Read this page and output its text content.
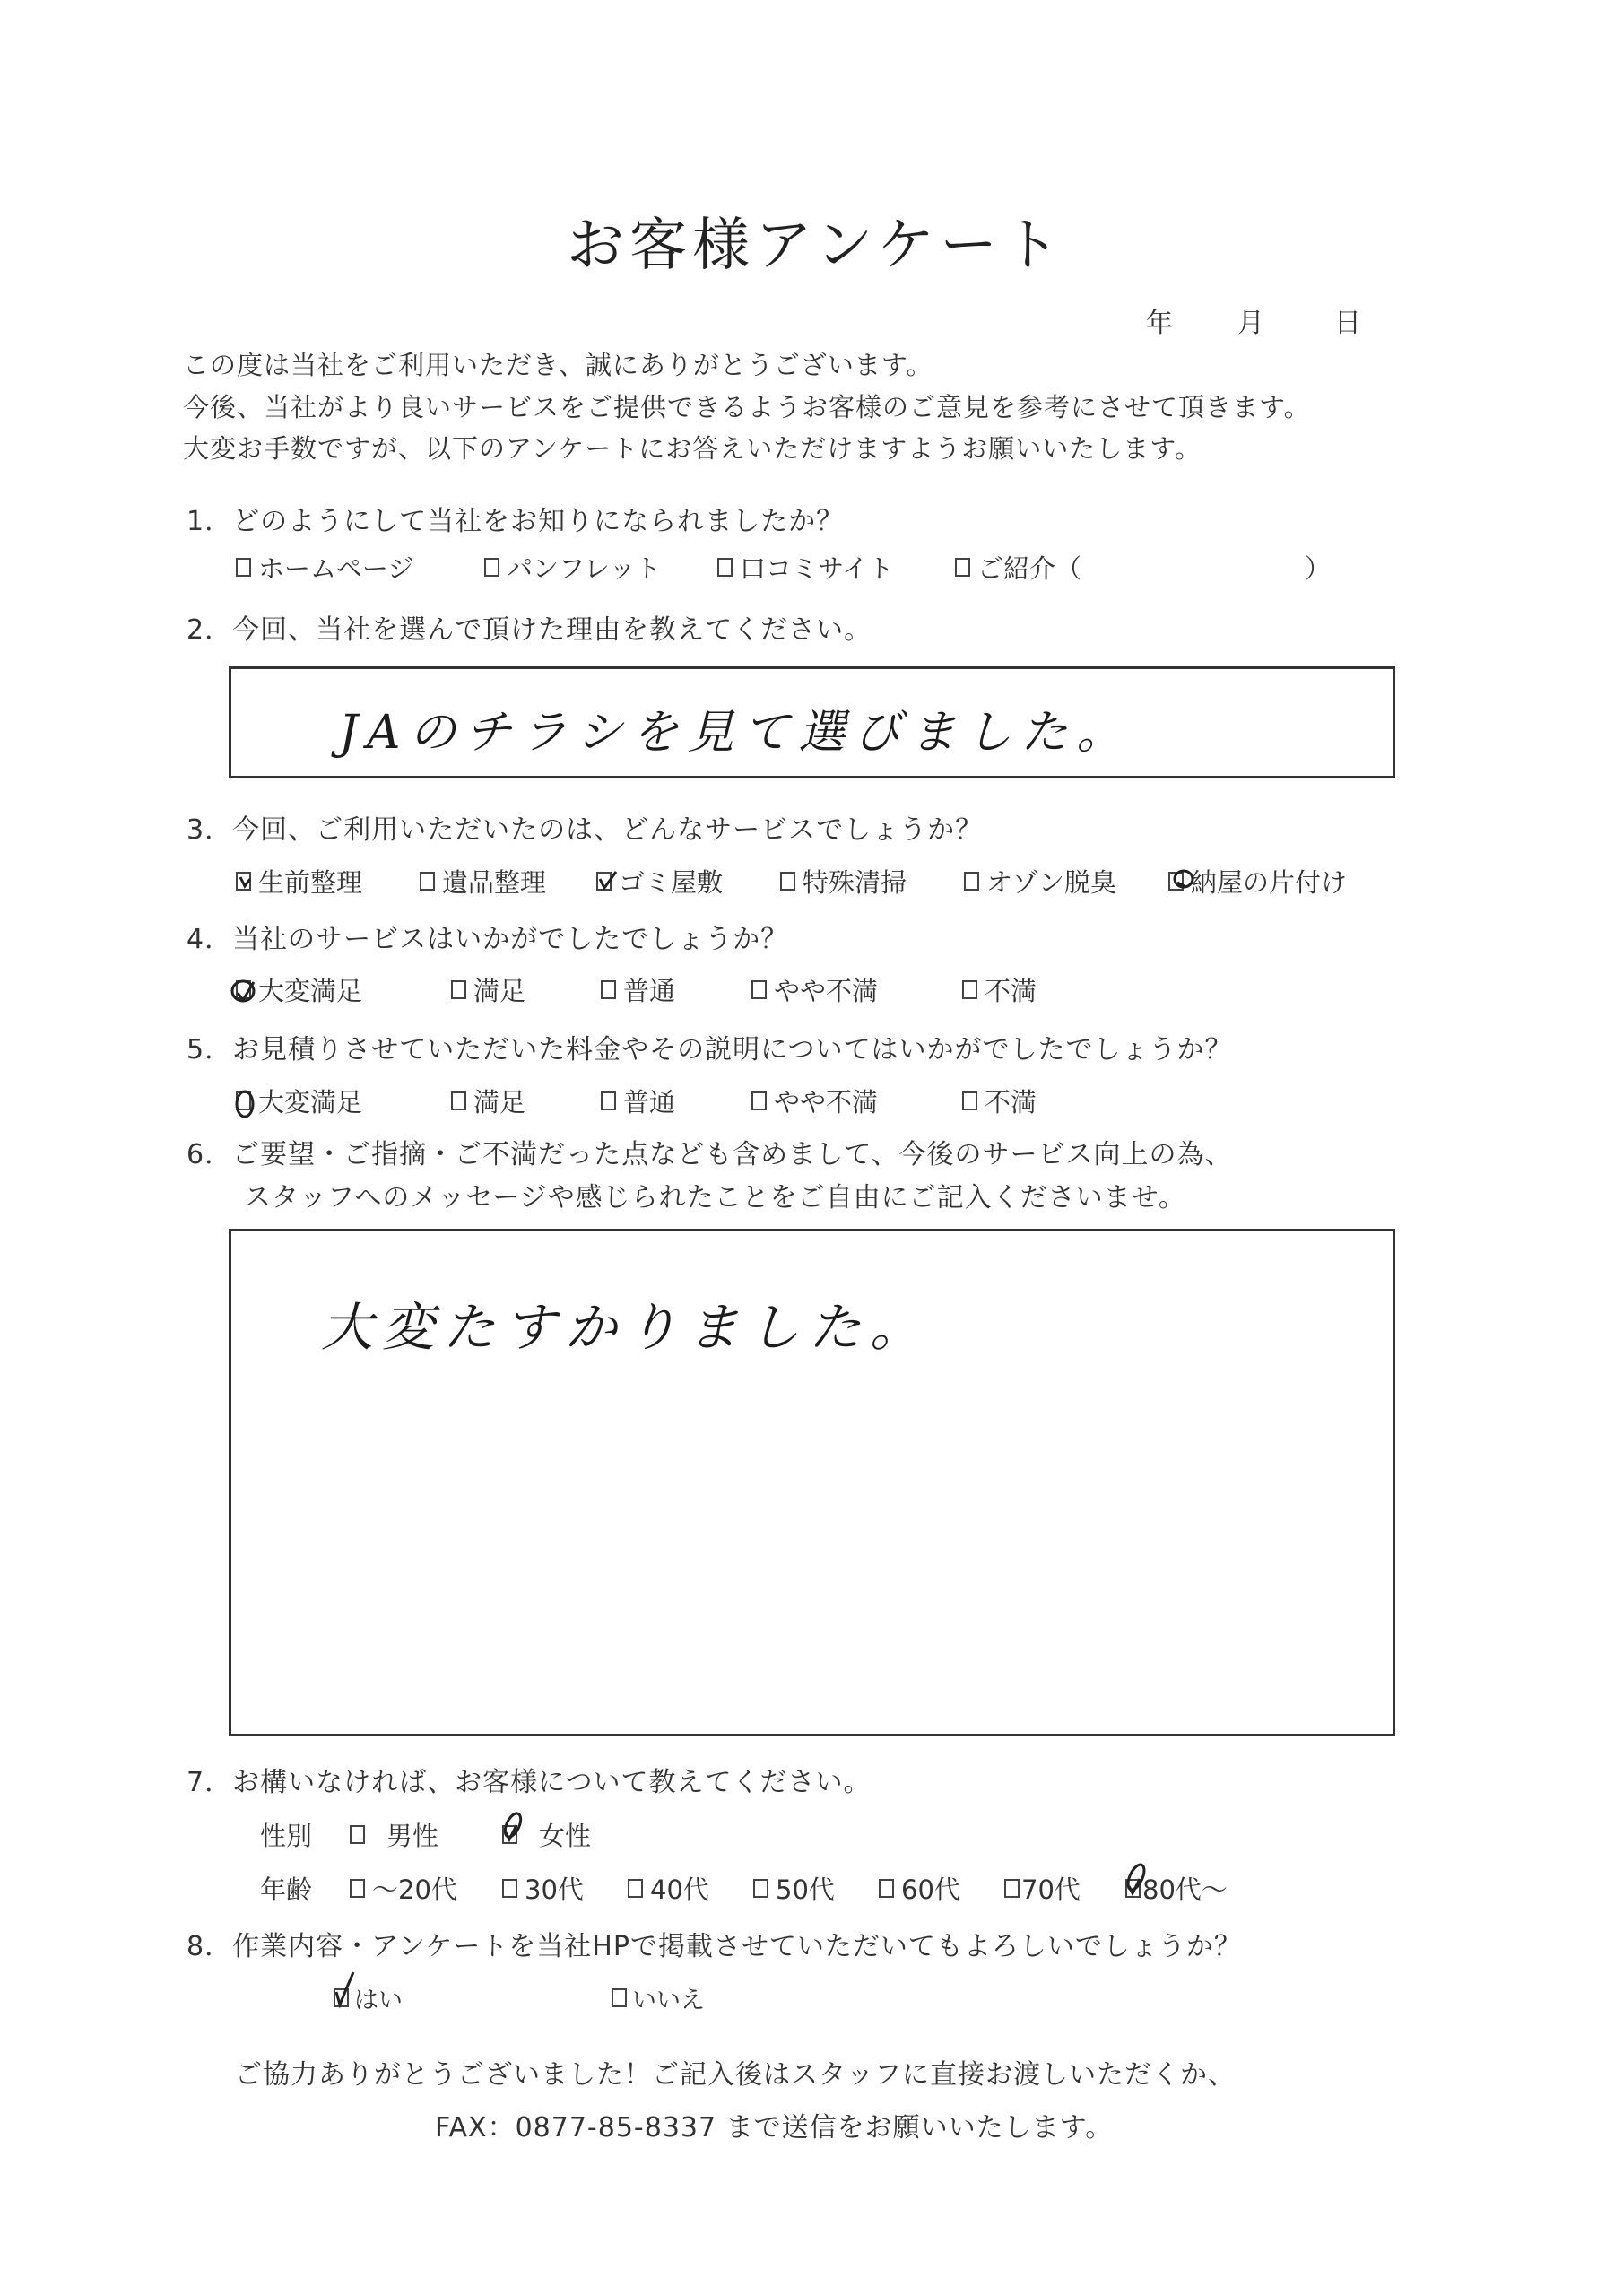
お客様アンケート
年 月	日
この度は当社をご利用いただき、誠にありがとうございます。
今後、当社がより良いサービスをご提供できるようお客様のご意見を参考にさせて頂きます。
大変お手数ですが、以下のアンケートにお答えいただけますようお願いいたします。
1．どのようにして当社をお知りになられましたか？
ホームページ	パンフレット	口コミサイト	ご紹介（	）
2．今回、当社を選んで頂けた理由を教えてください。
JAのチラシを見て選びました。
3．今回、ご利用いただいたのは、どんなサービスでしょうか？
生前整理	遺品整理	ゴミ屋敷	特殊清掃	オゾン脱臭	納屋の片付け
4．当社のサービスはいかがでしたでしょうか？
大変満足	満足	普通	やや不満	不満
5．お見積りさせていただいた料金やその説明についてはいかがでしたでしょうか？
大変満足	満足	普通	やや不満	不満
6．ご要望・ご指摘・ご不満だった点なども含めまして、今後のサービス向上の為、
スタッフへのメッセージや感じられたことをご自由にご記入くださいませ。
大変たすかりました。
7．お構いなければ、お客様について教えてください。
性別	男性	女性
年齢 ～20代	30代	40代	50代	60代 70代 80代～
8．作業内容・アンケートを当社HPで掲載させていただいてもよろしいでしょうか？
はい	いいえ
ご協力ありがとうございました！ご記入後はスタッフに直接お渡しいただくか、
FAX：0877-85-8337 まで送信をお願いいたします。
